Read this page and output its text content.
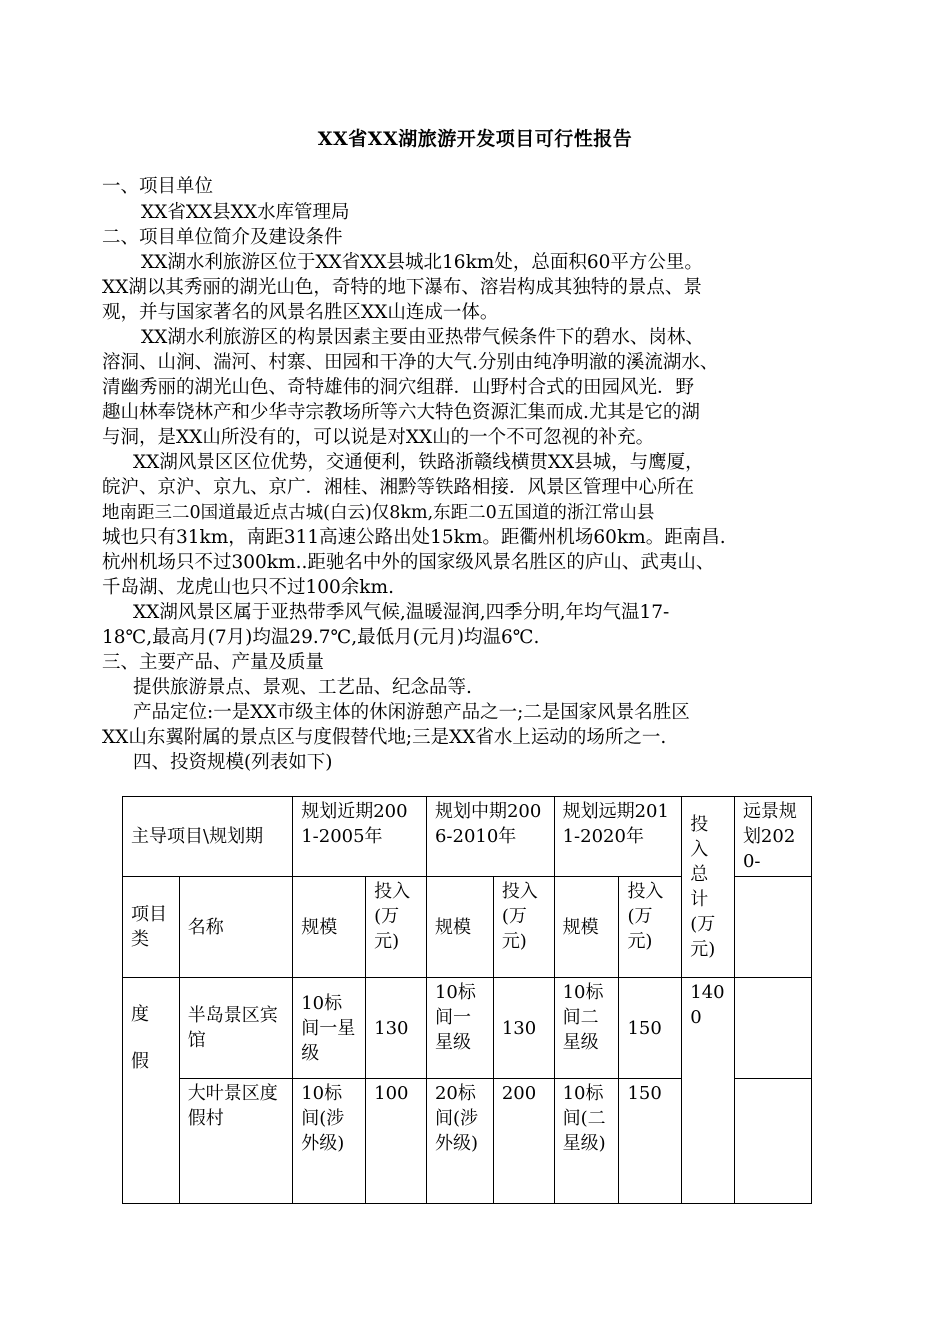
XX省XX湖旅游开发项目可行性报告
一、项目单位
XX省XX县XX水库管理局
二、项目单位简介及建设条件
XX湖水利旅游区位于XX省XX县城北16km处，总面积60平方公里。
XX湖以其秀丽的湖光山色，奇特的地下瀑布、溶岩构成其独特的景点、景
观，并与国家著名的风景名胜区XX山连成一体。
XX湖水利旅游区的构景因素主要由亚热带气候条件下的碧水、岗林、
溶洞、山涧、湍河、村寨、田园和干净的大气.分别由纯净明澈的溪流湖水、
清幽秀丽的湖光山色、奇特雄伟的洞穴组群．山野村合式的田园风光．野
趣山林奉饶林产和少华寺宗教场所等六大特色资源汇集而成.尤其是它的湖
与洞，是XX山所没有的，可以说是对XX山的一个不可忽视的补充。
XX湖风景区区位优势，交通便利，铁路浙赣线横贯XX县城，与鹰厦，
皖沪、京沪、京九、京广．湘桂、湘黔等铁路相接．风景区管理中心所在
地南距三二0国道最近点古城(白云)仅8km,东距二0五国道的浙江常山县
城也只有31km，南距311高速公路出处15km。距衢州机场60km。距南昌.
杭州机场只不过300km..距驰名中外的国家级风景名胜区的庐山、武夷山、
千岛湖、龙虎山也只不过100余km.
XX湖风景区属于亚热带季风气候,温暖湿润,四季分明,年均气温17-
18℃,最高月(7月)均温29.7℃,最低月(元月)均温6℃.
三、主要产品、产量及质量
提供旅游景点、景观、工艺品、纪念品等.
产品定位:一是XX市级主体的休闲游憩产品之一;二是国家风景名胜区
XX山东翼附属的景点区与度假替代地;三是XX省水上运动的场所之一.
四、投资规模(列表如下)
主导项目\规划期		规划近期2001-2005年		规划中期2006-2010年		规划远期2011-2020年		投入总计(万元)	远景规划2020-
项目类	名称	规模	投入(万元)	规模	投入(万元)	规模	投入(万元)		

度
假	半岛景区宾馆	10标间一星级	130	10标间一星级	130	10标间二星级	150	1400	
	大叶景区度假村	10标间(涉外级)	100	20标间(涉外级)	200	10标间(二星级)	150		
